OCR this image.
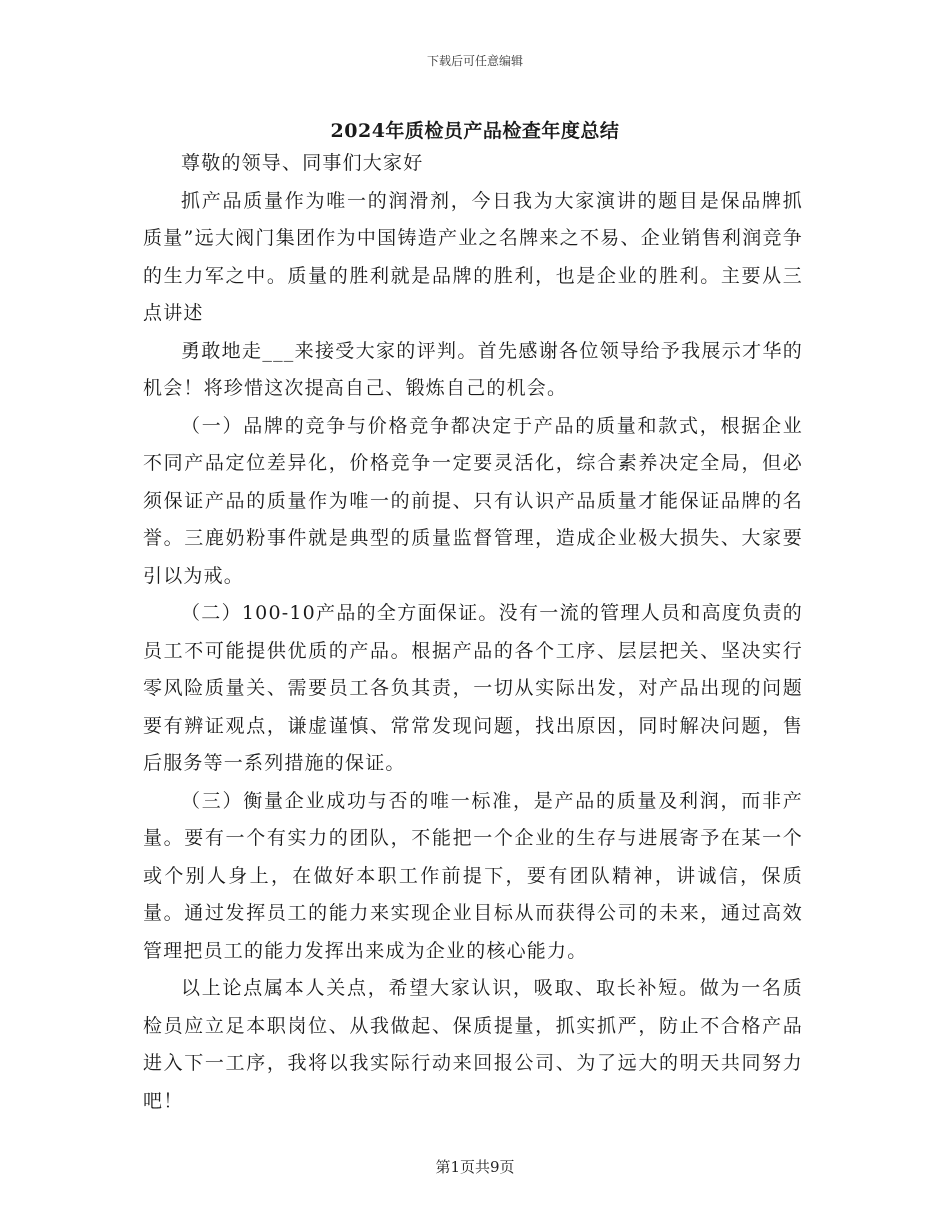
下载后可任意编辑
2024年质检员产品检查年度总结

尊敬的领导、同事们大家好

抓产品质量作为唯一的润滑剂，今日我为大家演讲的题目是保品牌抓质量”远大阀门集团作为中国铸造产业之名牌来之不易、企业销售利润竞争的生力军之中。质量的胜利就是品牌的胜利，也是企业的胜利。主要从三点讲述

勇敢地走___来接受大家的评判。首先感谢各位领导给予我展示才华的机会！将珍惜这次提高自己、锻炼自己的机会。

（一）品牌的竞争与价格竞争都决定于产品的质量和款式，根据企业不同产品定位差异化，价格竞争一定要灵活化，综合素养决定全局，但必须保证产品的质量作为唯一的前提、只有认识产品质量才能保证品牌的名誉。三鹿奶粉事件就是典型的质量监督管理，造成企业极大损失、大家要引以为戒。

（二）100-10产品的全方面保证。没有一流的管理人员和高度负责的员工不可能提供优质的产品。根据产品的各个工序、层层把关、坚决实行零风险质量关、需要员工各负其责，一切从实际出发，对产品出现的问题要有辨证观点，谦虚谨慎、常常发现问题，找出原因，同时解决问题，售后服务等一系列措施的保证。

（三）衡量企业成功与否的唯一标准，是产品的质量及利润，而非产量。要有一个有实力的团队，不能把一个企业的生存与进展寄予在某一个或个别人身上，在做好本职工作前提下，要有团队精神，讲诚信，保质量。通过发挥员工的能力来实现企业目标从而获得公司的未来，通过高效管理把员工的能力发挥出来成为企业的核心能力。

以上论点属本人关点，希望大家认识，吸取、取长补短。做为一名质检员应立足本职岗位、从我做起、保质提量，抓实抓严，防止不合格产品进入下一工序，我将以我实际行动来回报公司、为了远大的明天共同努力吧！

第1页共9页
